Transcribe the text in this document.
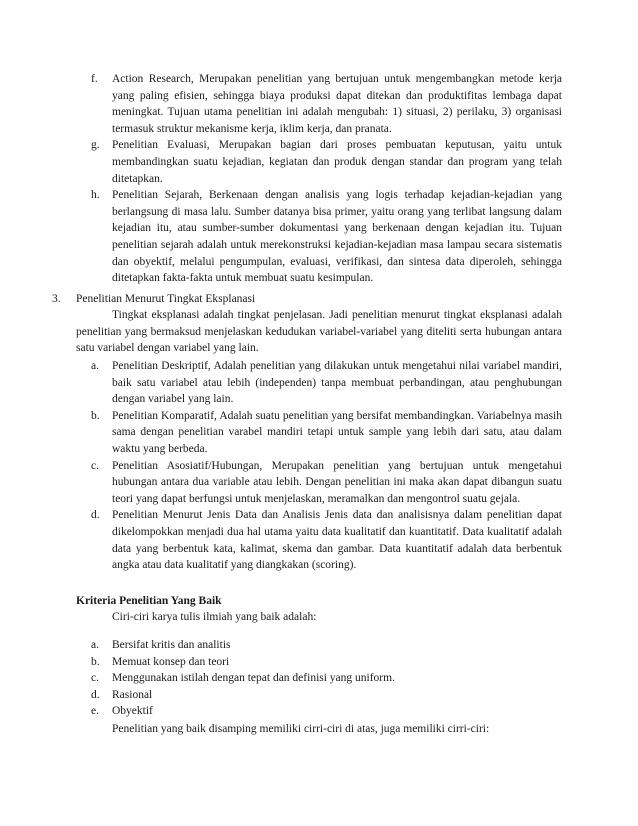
f. Action Research, Merupakan penelitian yang bertujuan untuk mengembangkan metode kerja yang paling efisien, sehingga biaya produksi dapat ditekan dan produktifitas lembaga dapat meningkat. Tujuan utama penelitian ini adalah mengubah: 1) situasi, 2) perilaku, 3) organisasi termasuk struktur mekanisme kerja, iklim kerja, dan pranata.

g. Penelitian Evaluasi, Merupakan bagian dari proses pembuatan keputusan, yaitu untuk membandingkan suatu kejadian, kegiatan dan produk dengan standar dan program yang telah ditetapkan.

h. Penelitian Sejarah, Berkenaan dengan analisis yang logis terhadap kejadian-kejadian yang berlangsung di masa lalu. Sumber datanya bisa primer, yaitu orang yang terlibat langsung dalam kejadian itu, atau sumber-sumber dokumentasi yang berkenaan dengan kejadian itu. Tujuan penelitian sejarah adalah untuk merekonstruksi kejadian-kejadian masa lampau secara sistematis dan obyektif, melalui pengumpulan, evaluasi, verifikasi, dan sintesa data diperoleh, sehingga ditetapkan fakta-fakta untuk membuat suatu kesimpulan.

3. Penelitian Menurut Tingkat Eksplanasi

Tingkat eksplanasi adalah tingkat penjelasan. Jadi penelitian menurut tingkat eksplanasi adalah penelitian yang bermaksud menjelaskan kedudukan variabel-variabel yang diteliti serta hubungan antara satu variabel dengan variabel yang lain.

a. Penelitian Deskriptif, Adalah penelitian yang dilakukan untuk mengetahui nilai variabel mandiri, baik satu variabel atau lebih (independen) tanpa membuat perbandingan, atau penghubungan dengan variabel yang lain.

b. Penelitian Komparatif, Adalah suatu penelitian yang bersifat membandingkan. Variabelnya masih sama dengan penelitian varabel mandiri tetapi untuk sample yang lebih dari satu, atau dalam waktu yang berbeda.

c. Penelitian Asosiatif/Hubungan, Merupakan penelitian yang bertujuan untuk mengetahui hubungan antara dua variable atau lebih. Dengan penelitian ini maka akan dapat dibangun suatu teori yang dapat berfungsi untuk menjelaskan, meramalkan dan mengontrol suatu gejala.

d. Penelitian Menurut Jenis Data dan Analisis Jenis data dan analisisnya dalam penelitian dapat dikelompokkan menjadi dua hal utama yaitu data kualitatif dan kuantitatif. Data kualitatif adalah data yang berbentuk kata, kalimat, skema dan gambar. Data kuantitatif adalah data berbentuk angka atau data kualitatif yang diangkakan (scoring).

Kriteria Penelitian Yang Baik
Ciri-ciri karya tulis ilmiah yang baik adalah:

a. Bersifat kritis dan analitis

b. Memuat konsep dan teori

c. Menggunakan istilah dengan tepat dan definisi yang uniform.

d. Rasional

e. Obyektif

Penelitian yang baik disamping memiliki cirri-ciri di atas, juga memiliki cirri-ciri:
